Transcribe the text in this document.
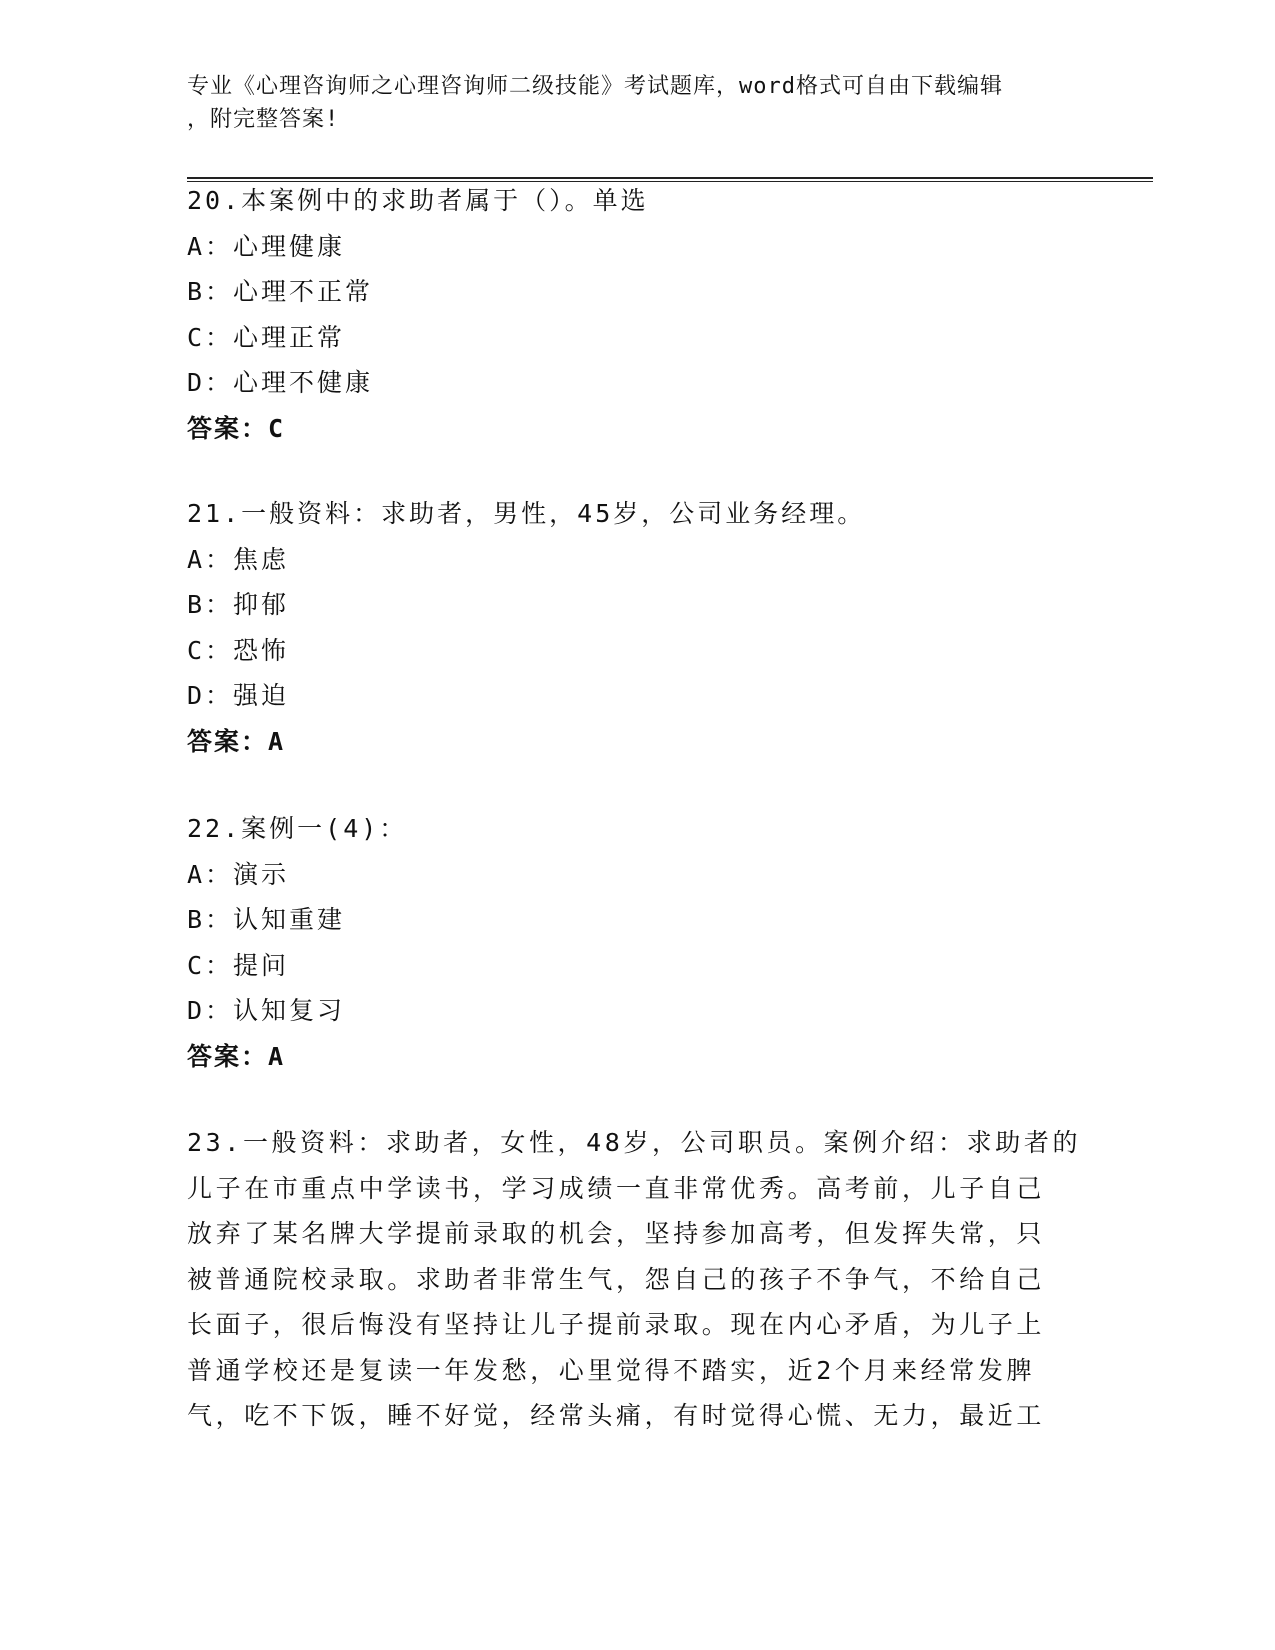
专业《心理咨询师之心理咨询师二级技能》考试题库，word格式可自由下载编辑
，附完整答案!
20.本案例中的求助者属于（）。单选
A：心理健康
B：心理不正常
C：心理正常
D：心理不健康
答案：C
21.一般资料：求助者，男性，45岁，公司业务经理。
A：焦虑
B：抑郁
C：恐怖
D：强迫
答案：A
22.案例一(4)：
A：演示
B：认知重建
C：提问
D：认知复习
答案：A
23.一般资料：求助者，女性，48岁，公司职员。案例介绍：求助者的
儿子在市重点中学读书，学习成绩一直非常优秀。高考前，儿子自己
放弃了某名牌大学提前录取的机会，坚持参加高考，但发挥失常，只
被普通院校录取。求助者非常生气，怨自己的孩子不争气，不给自己
长面子，很后悔没有坚持让儿子提前录取。现在内心矛盾，为儿子上
普通学校还是复读一年发愁，心里觉得不踏实，近2个月来经常发脾
气，吃不下饭，睡不好觉，经常头痛，有时觉得心慌、无力，最近工
